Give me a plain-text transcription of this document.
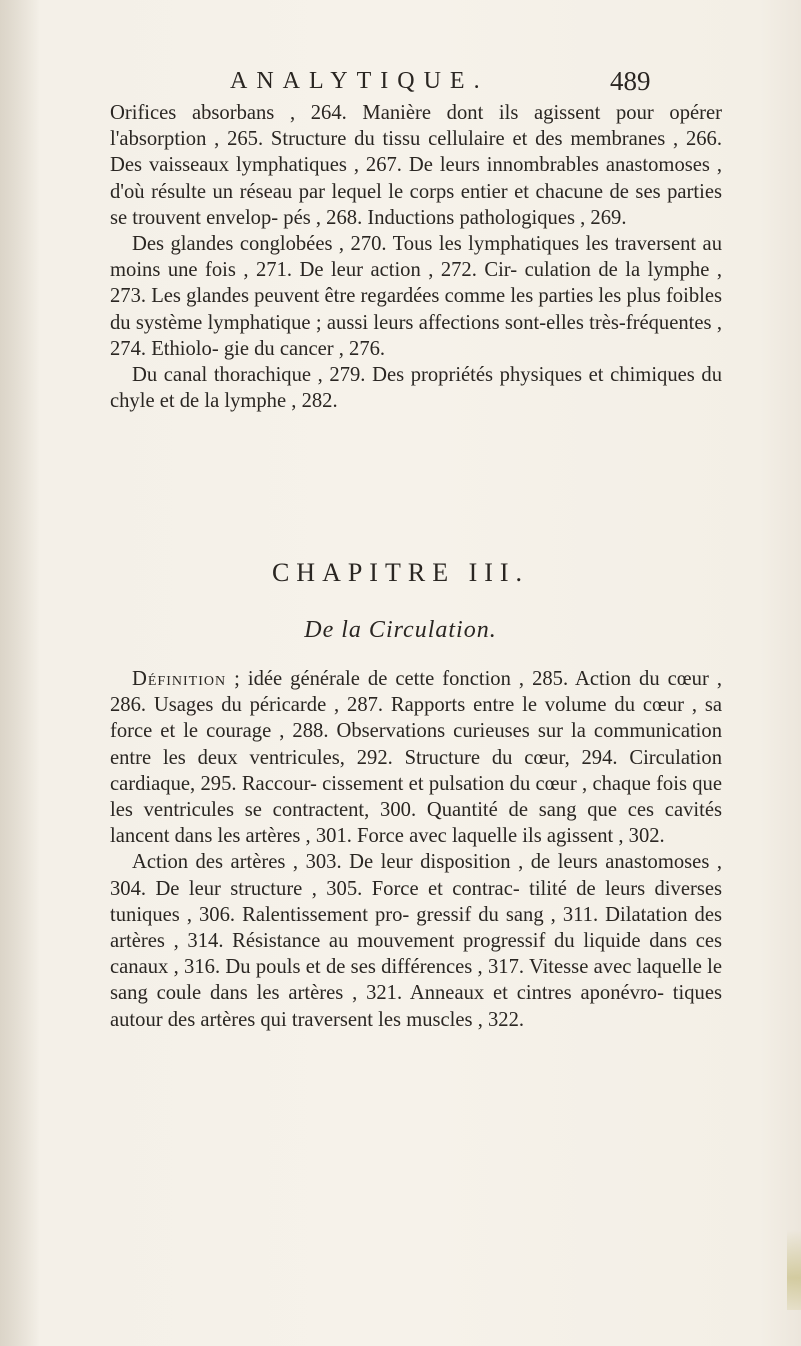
ANALYTIQUE.	489

Orifices absorbans , 264. Manière dont ils agissent pour opérer l'absorption , 265. Structure du tissu cellulaire et des membranes , 266. Des vaisseaux lymphatiques , 267. De leurs innombrables anastomoses , d'où résulte un réseau par lequel le corps entier et chacune de ses parties se trouvent envelop- pés , 268. Inductions pathologiques , 269.

Des glandes conglobées , 270. Tous les lymphatiques les traversent au moins une fois , 271. De leur action , 272. Cir- culation de la lymphe , 273. Les glandes peuvent être regardées comme les parties les plus foibles du système lymphatique ; aussi leurs affections sont-elles très-fréquentes , 274. Ethiolo- gie du cancer , 276.

Du canal thorachique , 279. Des propriétés physiques et chimiques du chyle et de la lymphe , 282.

CHAPITRE III.
De la Circulation.

Définition ; idée générale de cette fonction , 285. Action du cœur , 286. Usages du péricarde , 287. Rapports entre le volume du cœur , sa force et le courage , 288. Observations curieuses sur la communication entre les deux ventricules, 292. Structure du cœur, 294. Circulation cardiaque, 295. Raccour- cissement et pulsation du cœur , chaque fois que les ventricules se contractent, 300. Quantité de sang que ces cavités lancent dans les artères , 301. Force avec laquelle ils agissent , 302.

Action des artères , 303. De leur disposition , de leurs anastomoses , 304. De leur structure , 305. Force et contrac- tilité de leurs diverses tuniques , 306. Ralentissement pro- gressif du sang , 311. Dilatation des artères , 314. Résistance au mouvement progressif du liquide dans ces canaux , 316. Du pouls et de ses différences , 317. Vitesse avec laquelle le sang coule dans les artères , 321. Anneaux et cintres aponévro- tiques autour des artères qui traversent les muscles , 322.
